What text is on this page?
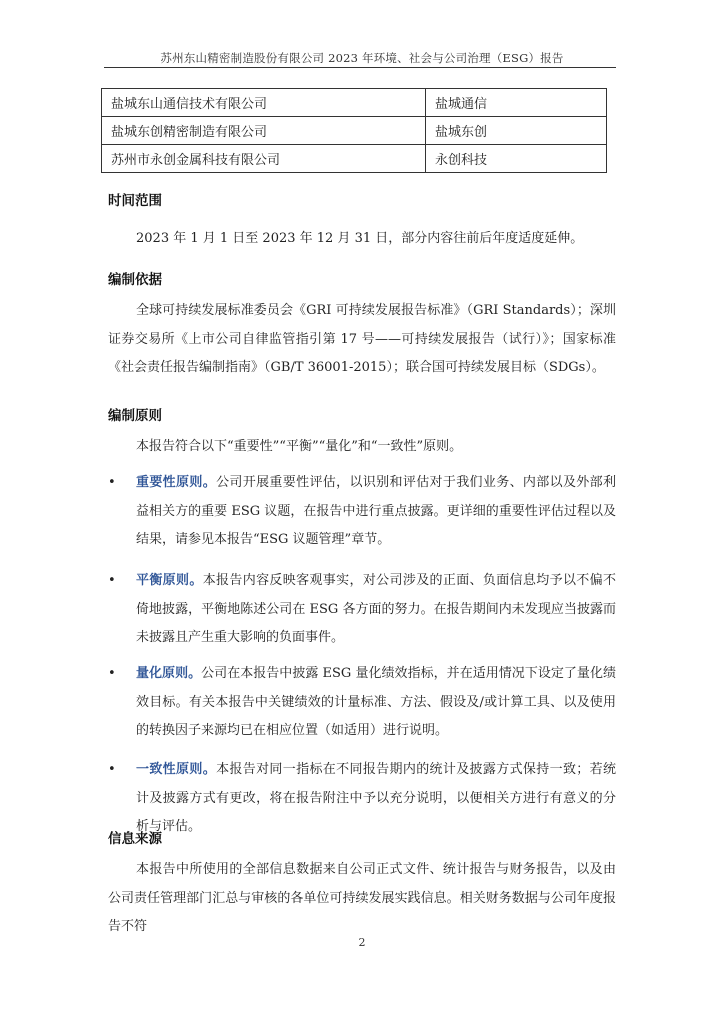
苏州东山精密制造股份有限公司 2023 年环境、社会与公司治理（ESG）报告
盐城东山通信技术有限公司	盐城通信
盐城东创精密制造有限公司	盐城东创
苏州市永创金属科技有限公司	永创科技
时间范围
2023 年 1 月 1 日至 2023 年 12 月 31 日，部分内容往前后年度适度延伸。
编制依据
全球可持续发展标准委员会《GRI 可持续发展报告标准》（GRI Standards）；深圳证券交易所《上市公司自律监管指引第 17 号——可持续发展报告（试行）》；国家标准《社会责任报告编制指南》（GB/T 36001-2015）；联合国可持续发展目标（SDGs）。
编制原则
本报告符合以下“重要性”“平衡”“量化”和“一致性”原则。
• 重要性原则。公司开展重要性评估，以识别和评估对于我们业务、内部以及外部利益相关方的重要 ESG 议题，在报告中进行重点披露。更详细的重要性评估过程以及结果，请参见本报告“ESG 议题管理”章节。
• 平衡原则。本报告内容反映客观事实，对公司涉及的正面、负面信息均予以不偏不倚地披露，平衡地陈述公司在 ESG 各方面的努力。在报告期间内未发现应当披露而未披露且产生重大影响的负面事件。
• 量化原则。公司在本报告中披露 ESG 量化绩效指标，并在适用情况下设定了量化绩效目标。有关本报告中关键绩效的计量标准、方法、假设及/或计算工具、以及使用的转换因子来源均已在相应位置（如适用）进行说明。
• 一致性原则。本报告对同一指标在不同报告期内的统计及披露方式保持一致；若统计及披露方式有更改，将在报告附注中予以充分说明，以便相关方进行有意义的分析与评估。
信息来源
本报告中所使用的全部信息数据来自公司正式文件、统计报告与财务报告，以及由公司责任管理部门汇总与审核的各单位可持续发展实践信息。相关财务数据与公司年度报告不符
2
